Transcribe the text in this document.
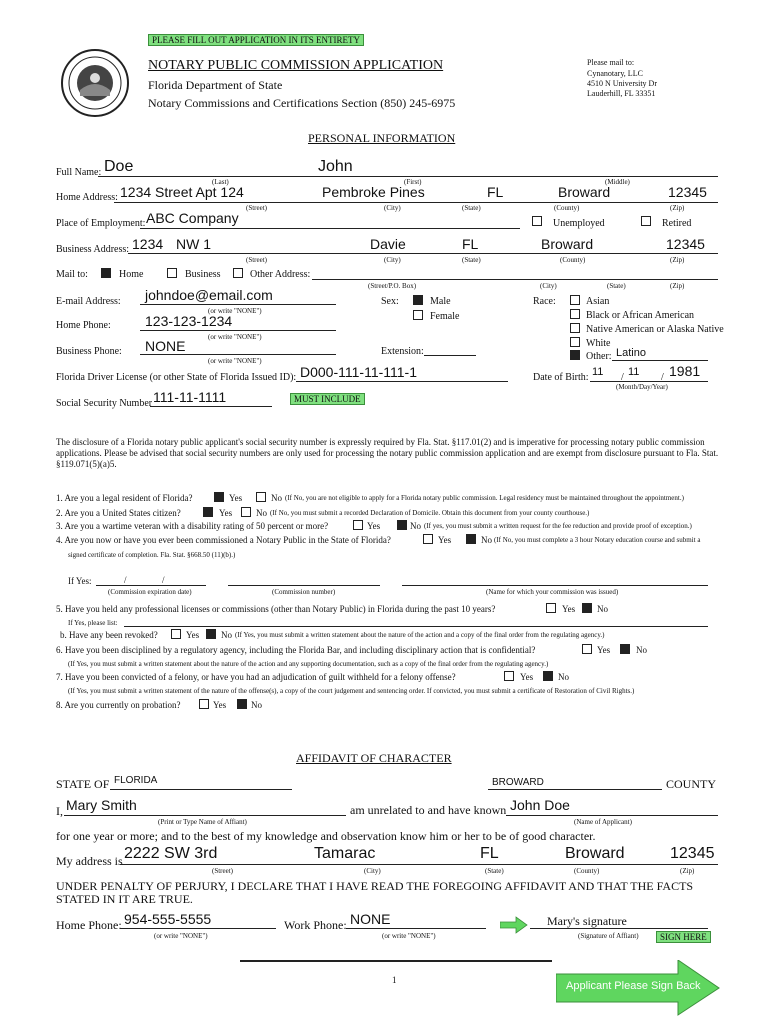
PLEASE FILL OUT APPLICATION IN ITS ENTIRETY
NOTARY PUBLIC COMMISSION APPLICATION
Florida Department of State
Notary Commissions and Certifications Section (850) 245-6975
Please mail to:
Cynanotary, LLC
4510 N University Dr
Lauderhill, FL 33351
PERSONAL INFORMATION
Full Name: Doe	John
(Last)	(First)	(Middle)
Home Address: 1234 Street Apt 124	Pembroke Pines	FL	Broward	12345
(Street)	(City)	(State)	(County)	(Zip)
Place of Employment: ABC Company	Unemployed	Retired
Business Address: 1234 NW 1	Davie	FL	Broward	12345
(Street)	(City)	(State)	(County)	(Zip)
Mail to:	Home	Business	Other Address:
(Street/P.O. Box)	(City)	(State)	(Zip)
E-mail Address: johndoe@email.com
(or write "NONE")
Home Phone: 123-123-1234
(or write "NONE")
Business Phone: NONE
(or write "NONE")
Sex:	Male
Female
Extension:
Race:	Asian
Black or African American
Native American or Alaska Native
White
Other: Latino
Florida Driver License (or other State of Florida Issued ID): D000-111-11-111-1	Date of Birth: 11 / 11 / 1981
(Month/Day/Year)
Social Security Number 111-11-1111	MUST INCLUDE
The disclosure of a Florida notary public applicant's social security number is expressly required by Fla. Stat. §117.01(2) and is imperative for processing notary public commission applications. Please be advised that social security numbers are only used for processing the notary public commission application and are exempt from disclosure pursuant to Fla. Stat. §119.071(5)(a)5.
1. Are you a legal resident of Florida?	Yes	No (If No, you are not eligible to apply for a Florida notary public commission. Legal residency must be maintained throughout the appointment.)
2. Are you a United States citizen?	Yes	No (If No, you must submit a recorded Declaration of Domicile. Obtain this document from your county courthouse.)
3. Are you a wartime veteran with a disability rating of 50 percent or more?	Yes	No (If yes, you must submit a written request for the fee reduction and provide proof of exception.)
4. Are you now or have you ever been commissioned a Notary Public in the State of Florida?	Yes	No (If No, you must complete a 3 hour Notary education course and submit a
signed certificate of completion. Fla. Stat. §668.50 (11)(b).)
If Yes:	/	/
(Commission expiration date)	(Commission number)	(Name for which your commission was issued)
5. Have you held any professional licenses or commissions (other than Notary Public) in Florida during the past 10 years?	Yes No
If Yes, please list:
b. Have any been revoked?	Yes No (If Yes, you must submit a written statement about the nature of the action and a copy of the final order from the regulating agency.)
6. Have you been disciplined by a regulatory agency, including the Florida Bar, and including disciplinary action that is confidential?	Yes	No
(If Yes, you must submit a written statement about the nature of the action and any supporting documentation, such as a copy of the final order from the regulating agency.)
7. Have you been convicted of a felony, or have you had an adjudication of guilt withheld for a felony offense?	Yes	No
(If Yes, you must submit a written statement of the nature of the offense(s), a copy of the court judgement and sentencing order. If convicted, you must submit a certificate of Restoration of Civil Rights.)
8. Are you currently on probation?	Yes	No
AFFIDAVIT OF CHARACTER
STATE OF FLORIDA	BROWARD	COUNTY
I, Mary Smith	am unrelated to and have known John Doe
(Print or Type Name of Affiant)	(Name of Applicant)
for one year or more; and to the best of my knowledge and observation know him or her to be of good character.
My address is 2222 SW 3rd	Tamarac	FL	Broward	12345
(Street)	(City)	(State)	(County)	(Zip)
UNDER PENALTY OF PERJURY, I DECLARE THAT I HAVE READ THE FOREGOING AFFIDAVIT AND THAT THE FACTS STATED IN IT ARE TRUE.
Home Phone: 954-555-5555
(or write "NONE")
Work Phone: NONE
(or write "NONE")
Mary's signature
(Signature of Affiant)	SIGN HERE
1	Applicant Please Sign Back
